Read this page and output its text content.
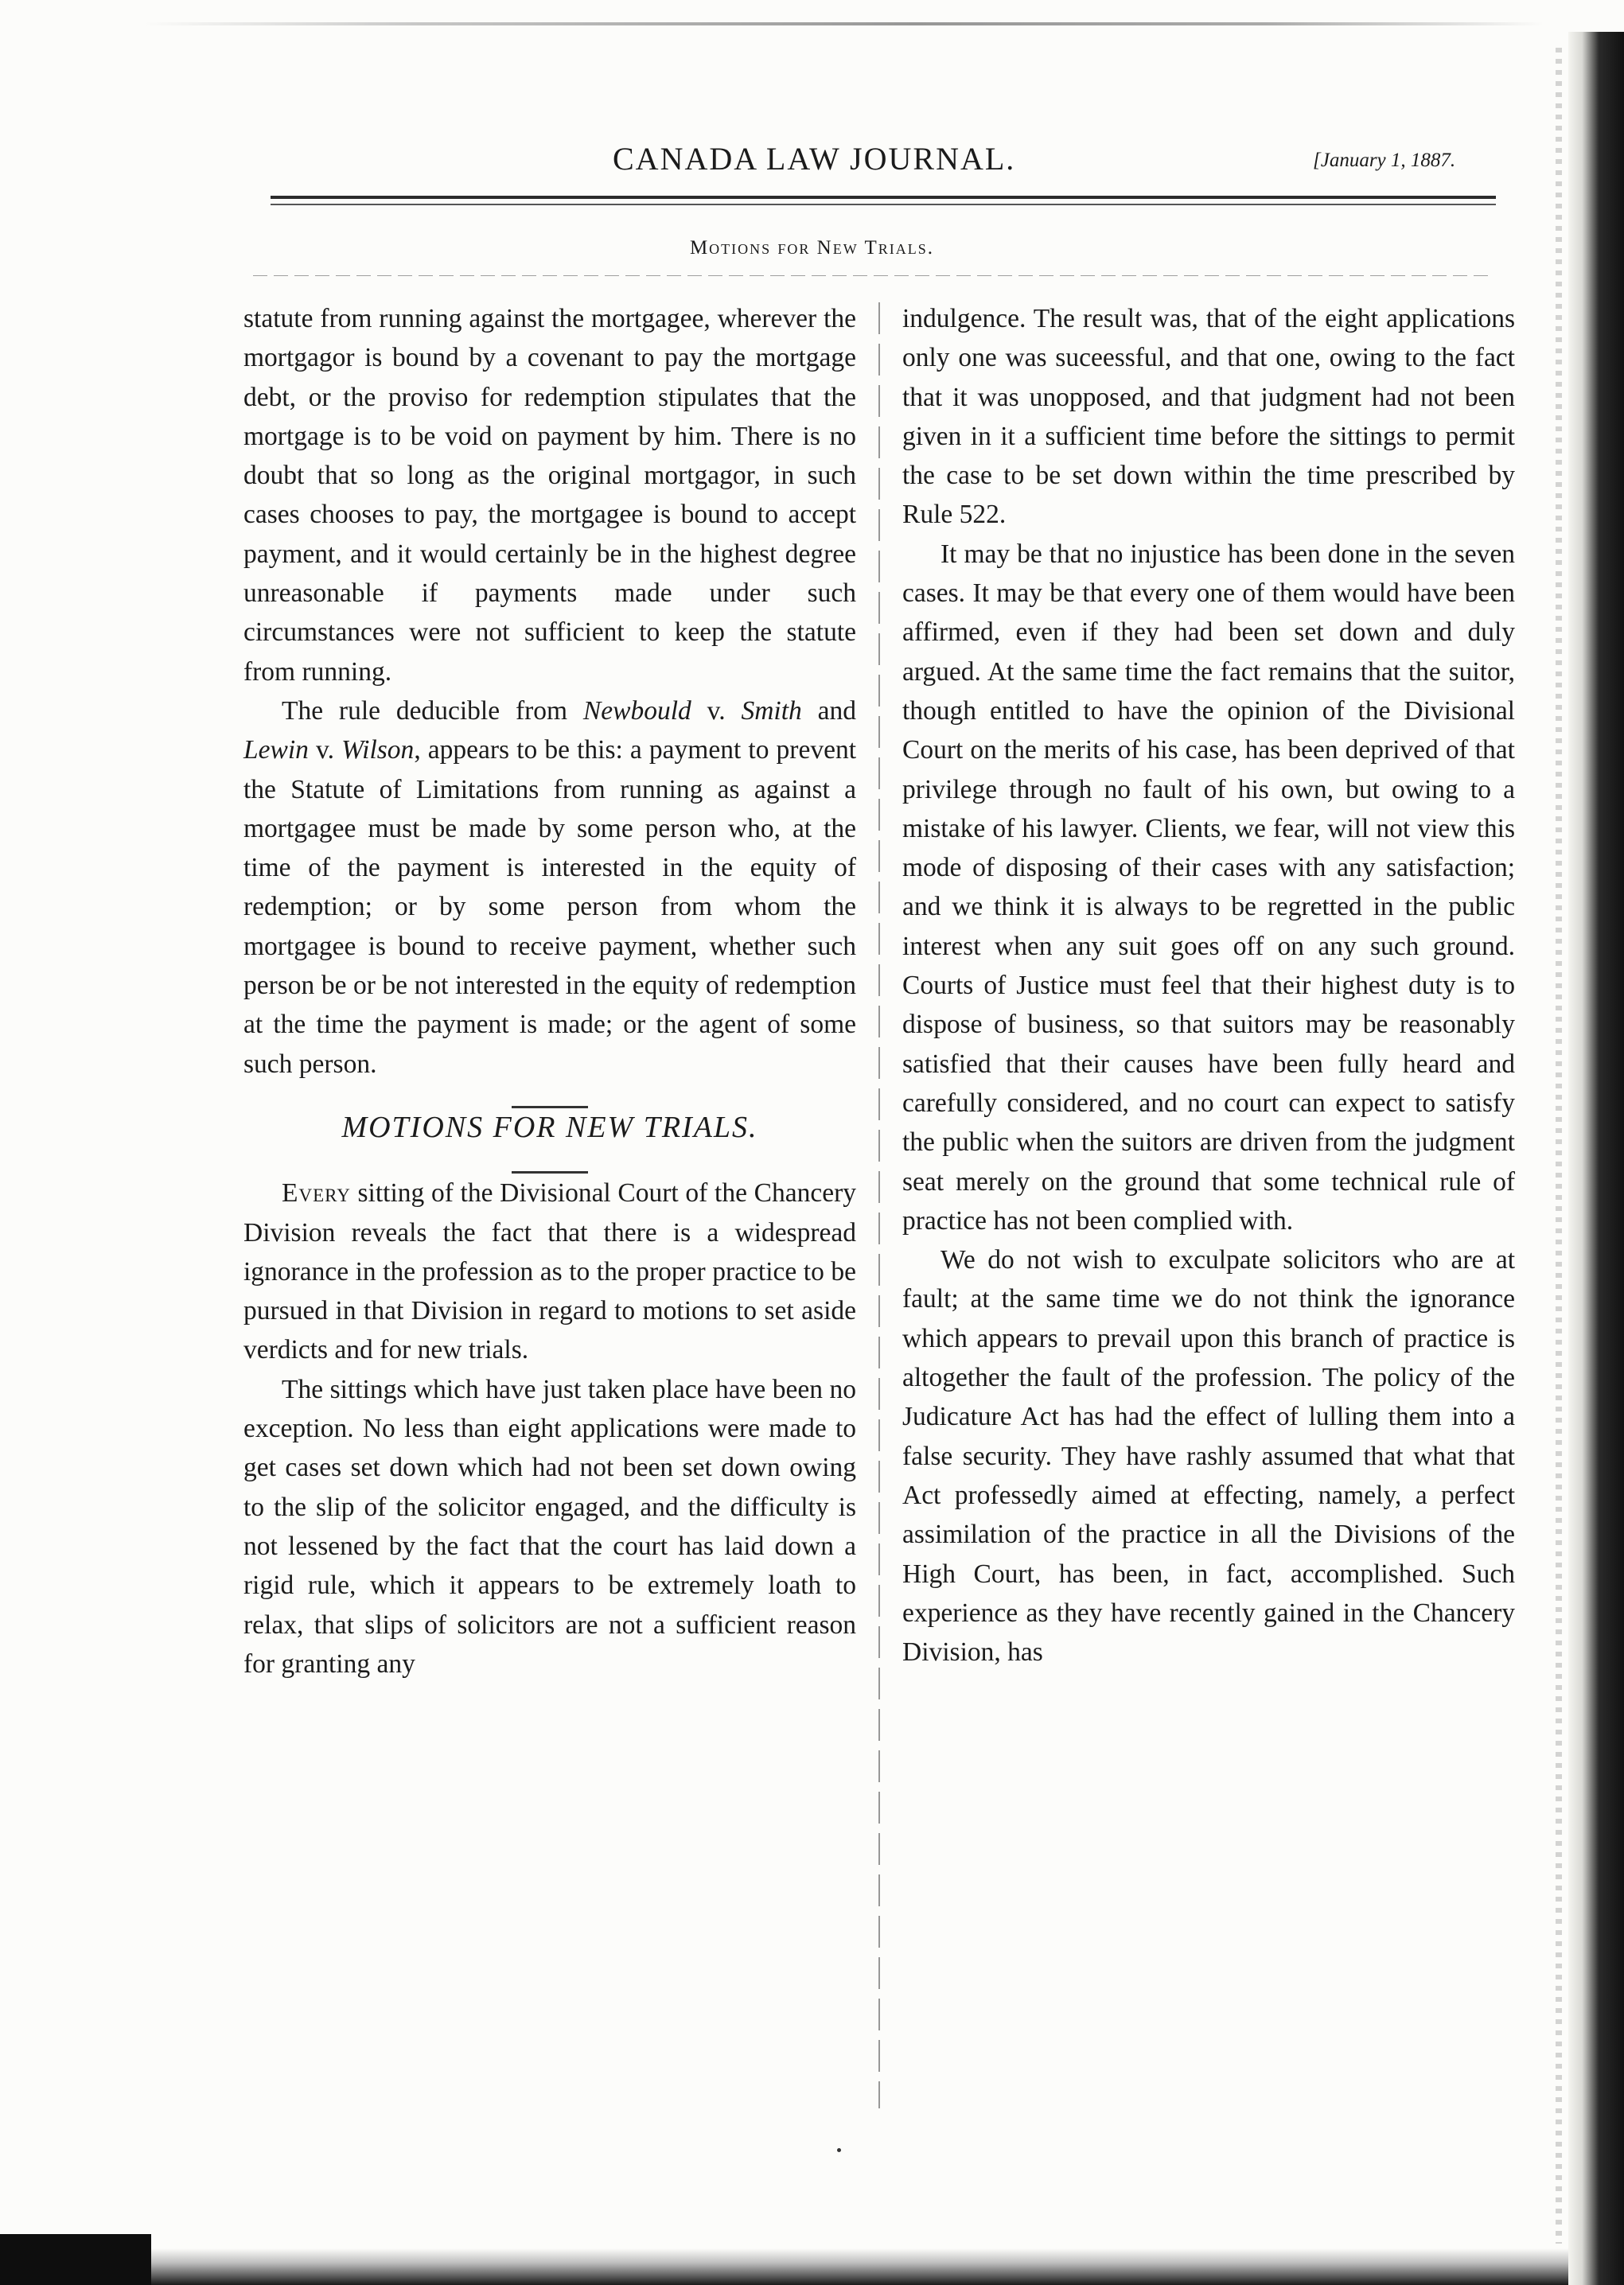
CANADA LAW JOURNAL.	[January 1, 1887.
Motions for New Trials.

statute from running against the mortgagee, wherever the mortgagor is bound by a covenant to pay the mortgage debt, or the proviso for redemption stipulates that the mortgage is to be void on payment by him. There is no doubt that so long as the original mortgagor, in such cases chooses to pay, the mortgagee is bound to accept payment, and it would certainly be in the highest degree unreasonable if payments made under such circumstances were not sufficient to keep the statute from running.

The rule deducible from Newbould v. Smith and Lewin v. Wilson, appears to be this: a payment to prevent the Statute of Limitations from running as against a mortgagee must be made by some person who, at the time of the payment is interested in the equity of redemption; or by some person from whom the mortgagee is bound to receive payment, whether such person be or be not interested in the equity of redemption at the time the payment is made; or the agent of some such person.

MOTIONS FOR NEW TRIALS.

Every sitting of the Divisional Court of the Chancery Division reveals the fact that there is a widespread ignorance in the profession as to the proper practice to be pursued in that Division in regard to motions to set aside verdicts and for new trials.

The sittings which have just taken place have been no exception. No less than eight applications were made to get cases set down which had not been set down owing to the slip of the solicitor engaged, and the difficulty is not lessened by the fact that the court has laid down a rigid rule, which it appears to be extremely loath to relax, that slips of solicitors are not a sufficient reason for granting any

indulgence. The result was, that of the eight applications only one was suceessful, and that one, owing to the fact that it was unopposed, and that judgment had not been given in it a sufficient time before the sittings to permit the case to be set down within the time prescribed by Rule 522.

It may be that no injustice has been done in the seven cases. It may be that every one of them would have been affirmed, even if they had been set down and duly argued. At the same time the fact remains that the suitor, though entitled to have the opinion of the Divisional Court on the merits of his case, has been deprived of that privilege through no fault of his own, but owing to a mistake of his lawyer. Clients, we fear, will not view this mode of disposing of their cases with any satisfaction; and we think it is always to be regretted in the public interest when any suit goes off on any such ground. Courts of Justice must feel that their highest duty is to dispose of business, so that suitors may be reasonably satisfied that their causes have been fully heard and carefully considered, and no court can expect to satisfy the public when the suitors are driven from the judgment seat merely on the ground that some technical rule of practice has not been complied with.

We do not wish to exculpate solicitors who are at fault; at the same time we do not think the ignorance which appears to prevail upon this branch of practice is altogether the fault of the profession. The policy of the Judicature Act has had the effect of lulling them into a false security. They have rashly assumed that what that Act professedly aimed at effecting, namely, a perfect assimilation of the practice in all the Divisions of the High Court, has been, in fact, accomplished. Such experience as they have recently gained in the Chancery Division, has
